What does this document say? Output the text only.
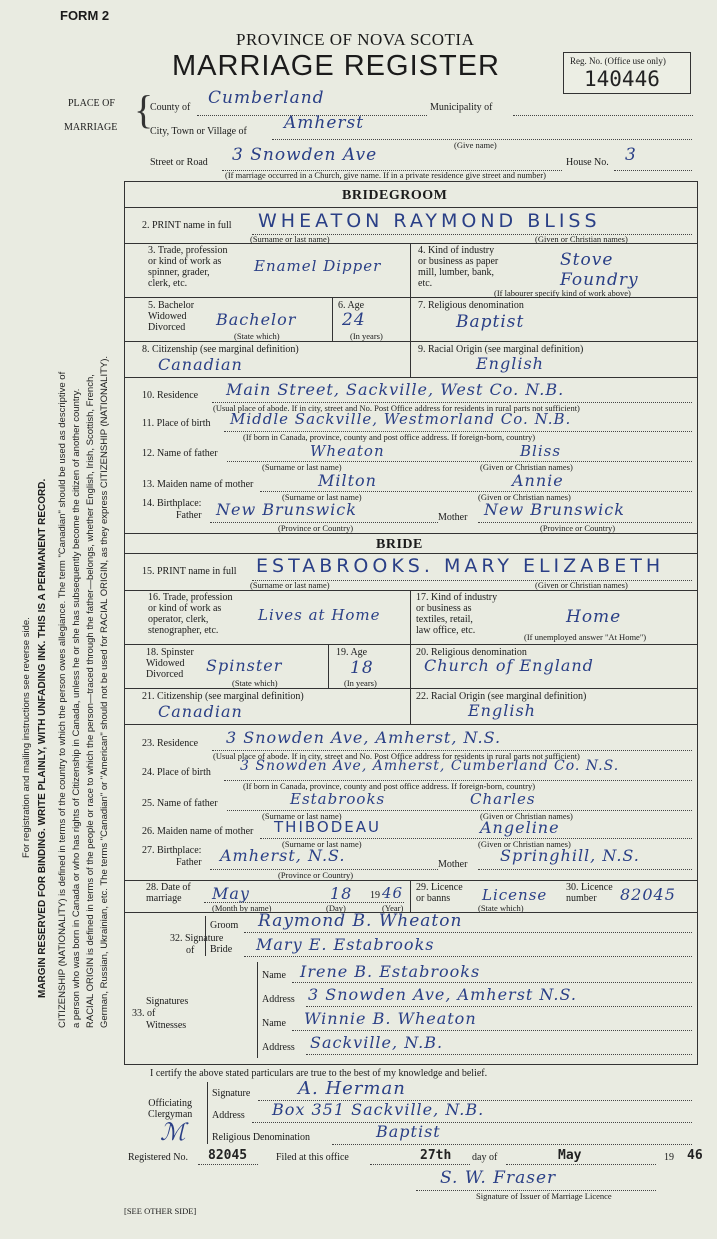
FORM 2
PROVINCE OF NOVA SCOTIA
MARRIAGE REGISTER	Reg. No. (Office use only)
140446
PLACE OF
MARRIAGE {
County of Cumberland	Municipality of
City, Town or Village of Amherst
(Give name)
Street or Road 3 Snowden Ave	House No. 3
(If marriage occurred in a Church, give name. If in a private residence give street and number)
For registration and mailing instructions see reverse side. MARGIN RESERVED FOR BINDING. WRITE PLAINLY, WITH UNFADING INK. THIS IS A PERMANENT RECORD. CITIZENSHIP (NATIONALITY) is defined in terms of the country to which the person owes allegiance. The term "Canadian" should be used as descriptive of a person who was born in Canada or who has rights of Citizenship in Canada, unless he or she has subsequently become the citizen of another country. RACIAL ORIGIN is defined in terms of the people or race to which the person—traced through the father—belongs, whether English, Irish, Scottish, French, German, Russian, Ukrainian, etc. The terms "Canadian" or "American" should not be used for RACIAL ORIGIN, as they express CITIZENSHIP (NATIONALITY).
BRIDEGROOM
2. PRINT name in full WHEATON RAYMOND BLISS
(Surname or last name)	(Given or Christian names)
3. Trade, profession
or kind of work as
spinner, grader,
clerk, etc.
Enamel Dipper
4. Kind of industry
or business as paper
mill, lumber, bank,
etc.
Stove Foundry
(If labourer specify kind of work above)
5. Bachelor
Widowed
Divorced	Bachelor
(State which)
6. Age
24
(In years)
7. Religious denomination
Baptist
8. Citizenship (see marginal definition)
Canadian
9. Racial Origin (see marginal definition)
English
10. Residence Main Street, Sackville, West Co. N.B.
(Usual place of abode. If in city, street and No. Post Office address for residents in rural parts not sufficient)
11. Place of birth Middle Sackville, Westmorland Co. N.B.
(If born in Canada, province, county and post office address. If foreign-born, country)
12. Name of father	Wheaton	Bliss
(Surname or last name)	(Given or Christian names)
13. Maiden name of mother	Milton	Annie
(Surname or last name)	(Given or Christian names)
14. Birthplace:
Father New Brunswick	Mother New Brunswick
(Province or Country)	(Province or Country)
BRIDE
15. PRINT name in full ESTABROOKS. MARY ELIZABETH
(Surname or last name)	(Given or Christian names)
16. Trade, profession
or kind of work as
operator, clerk,
stenographer, etc.
Lives at Home
17. Kind of industry
or business as
textiles, retail,
law office, etc.
Home
(If unemployed answer "At Home")
18. Spinster
Widowed
Divorced	Spinster
(State which)
19. Age
18
(In years)
20. Religious denomination
Church of England
21. Citizenship (see marginal definition)
Canadian
22. Racial Origin (see marginal definition)
English
23. Residence 3 Snowden Ave, Amherst, N.S.
(Usual place of abode. If in city, street and No. Post Office address for residents in rural parts not sufficient)
24. Place of birth 3 Snowden Ave, Amherst, Cumberland Co. N.S.
(If born in Canada, province, county and post office address. If foreign-born, country)
25. Name of father	Estabrooks	Charles
(Surname or last name)	(Given or Christian names)
26. Maiden name of mother THIBODEAU	Angeline
(Surname or last name)	(Given or Christian names)
27. Birthplace:
Father Amherst, N.S.	Mother Springhill, N.S.
(Province or Country)
28. Date of
marriage	May	18 19 46
(Month by name)	(Day)	(Year)
29. Licence
or banns	License
(State which)
30. Licence
number	82045
32. Signature
of
Groom Raymond B. Wheaton
Bride Mary E. Estabrooks
Signatures
33. of
Witnesses
Name Irene B. Estabrooks
Address 3 Snowden Ave, Amherst N.S.
Name Winnie B. Wheaton
Address Sackville, N.B.
I certify the above stated particulars are true to the best of my knowledge and belief.
Officiating
Clergyman
Signature	A. Herman
Address Box 351 Sackville, N.B.
Religious Denomination	Baptist
ℳ
Registered No. 82045	Filed at this office	27th day of	May	19 46
S. W. Fraser
Signature of Issuer of Marriage Licence
[SEE OTHER SIDE]
